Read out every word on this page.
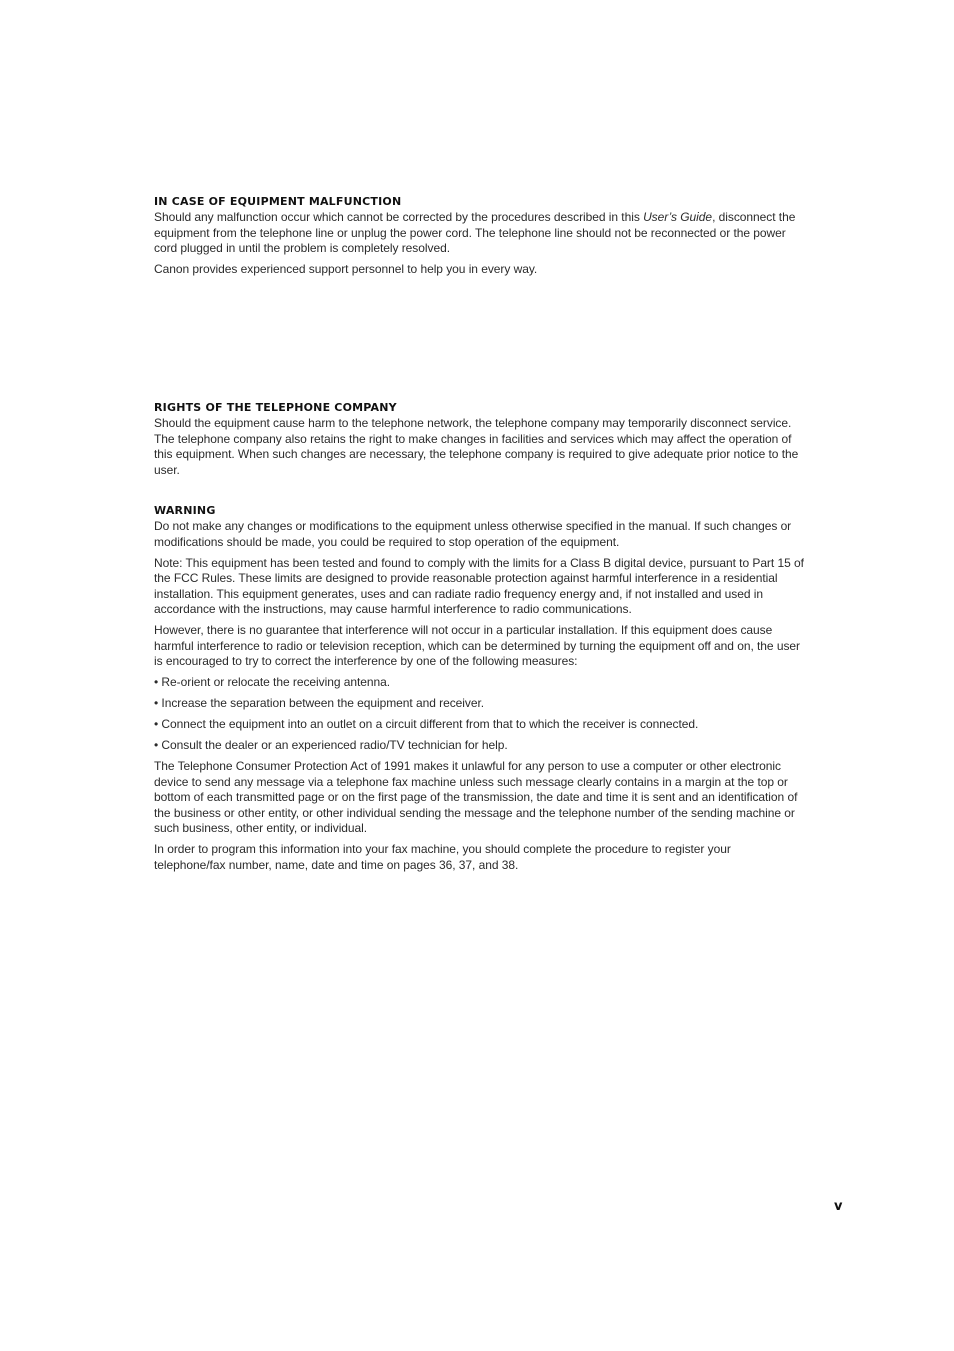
IN CASE OF EQUIPMENT MALFUNCTION

Should any malfunction occur which cannot be corrected by the procedures described in this User’s Guide, disconnect the equipment from the telephone line or unplug the power cord. The telephone line should not be reconnected or the power cord plugged in until the problem is completely resolved.

Canon provides experienced support personnel to help you in every way.

RIGHTS OF THE TELEPHONE COMPANY

Should the equipment cause harm to the telephone network, the telephone company may temporarily disconnect service. The telephone company also retains the right to make changes in facilities and services which may affect the operation of this equipment. When such changes are necessary, the telephone company is required to give adequate prior notice to the user.

WARNING

Do not make any changes or modifications to the equipment unless otherwise specified in the manual. If such changes or modifications should be made, you could be required to stop operation of the equipment.

Note: This equipment has been tested and found to comply with the limits for a Class B digital device, pursuant to Part 15 of the FCC Rules. These limits are designed to provide reasonable protection against harmful interference in a residential installation. This equipment generates, uses and can radiate radio frequency energy and, if not installed and used in accordance with the instructions, may cause harmful interference to radio communications.

However, there is no guarantee that interference will not occur in a particular installation. If this equipment does cause harmful interference to radio or television reception, which can be determined by turning the equipment off and on, the user is encouraged to try to correct the interference by one of the following measures:

• Re-orient or relocate the receiving antenna.

• Increase the separation between the equipment and receiver.

• Connect the equipment into an outlet on a circuit different from that to which the receiver is connected.

• Consult the dealer or an experienced radio/TV technician for help.

The Telephone Consumer Protection Act of 1991 makes it unlawful for any person to use a computer or other electronic device to send any message via a telephone fax machine unless such message clearly contains in a margin at the top or bottom of each transmitted page or on the first page of the transmission, the date and time it is sent and an identification of the business or other entity, or other individual sending the message and the telephone number of the sending machine or such business, other entity, or individual.

In order to program this information into your fax machine, you should complete the procedure to register your telephone/fax number, name, date and time on pages 36, 37, and 38.

v
